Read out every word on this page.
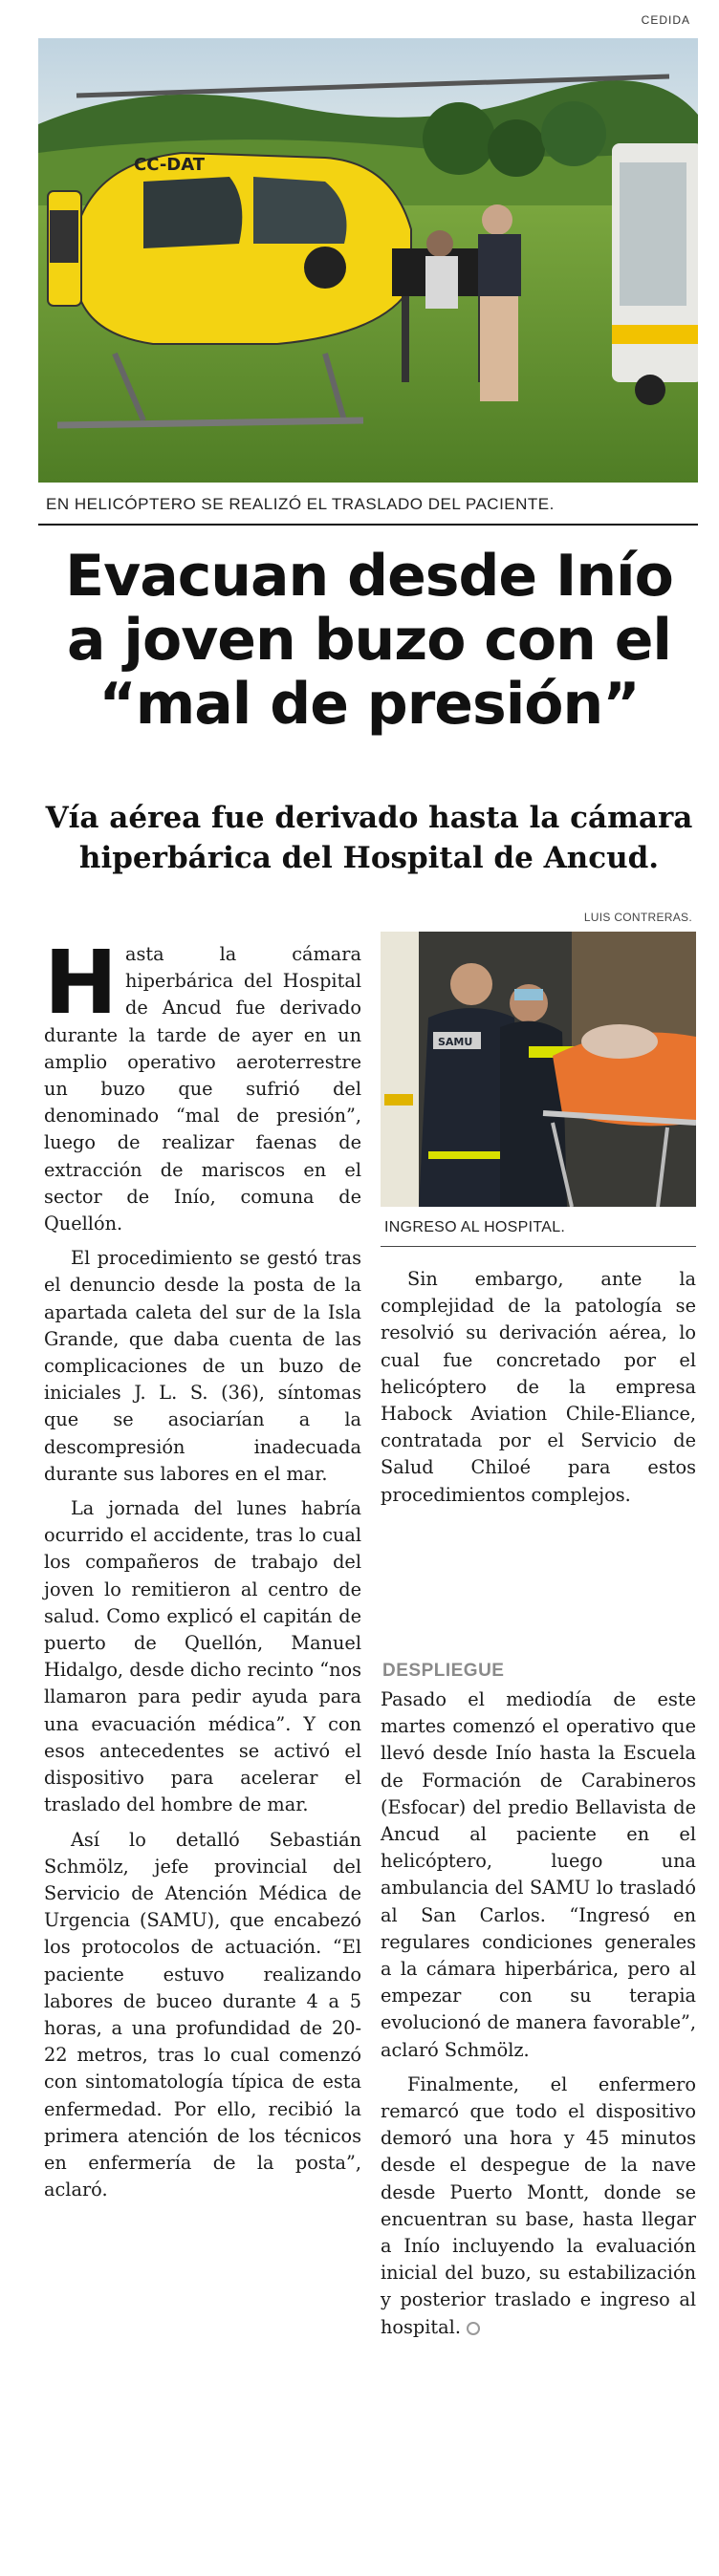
CEDIDA
CC-DAT
EN HELICÓPTERO SE REALIZÓ EL TRASLADO DEL PACIENTE.
Evacuan desde Inío
a joven buzo con el
“mal de presión”
Vía aérea fue derivado hasta la cámara
hiperbárica del Hospital de Ancud.
LUIS CONTRERAS.

Hasta la cámara hiperbárica del Hospital de Ancud fue derivado durante la tarde de ayer en un amplio operativo aeroterrestre un buzo que sufrió del denominado “mal de presión”, luego de realizar faenas de extracción de mariscos en el sector de Inío, comuna de Quellón.

El procedimiento se gestó tras el denuncio desde la posta de la apartada caleta del sur de la Isla Grande, que daba cuenta de las complicaciones de un buzo de iniciales J. L. S. (36), síntomas que se asociarían a la descompresión inadecuada durante sus labores en el mar.

La jornada del lunes habría ocurrido el accidente, tras lo cual los compañeros de trabajo del joven lo remitieron al centro de salud. Como explicó el capitán de puerto de Quellón, Manuel Hidalgo, desde dicho recinto “nos llamaron para pedir ayuda para una evacuación médica”. Y con esos antecedentes se activó el dispositivo para acelerar el traslado del hombre de mar.

Así lo detalló Sebastián Schmölz, jefe provincial del Servicio de Atención Médica de Urgencia (SAMU), que encabezó los protocolos de actuación. “El paciente estuvo realizando labores de buceo durante 4 a 5 horas, a una profundidad de 20-22 metros, tras lo cual comenzó con sintomatología típica de esta enfermedad. Por ello, recibió la primera atención de los técnicos en enfermería de la posta”, aclaró.

SAMU
INGRESO AL HOSPITAL.

Sin embargo, ante la complejidad de la patología se resolvió su derivación aérea, lo cual fue concretado por el helicóptero de la empresa Habock Aviation Chile-Eliance, contratada por el Servicio de Salud Chiloé para estos procedimientos complejos.

DESPLIEGUE

Pasado el mediodía de este martes comenzó el operativo que llevó desde Inío hasta la Escuela de Formación de Carabineros (Esfocar) del predio Bellavista de Ancud al paciente en el helicóptero, luego una ambulancia del SAMU lo trasladó al San Carlos. “Ingresó en regulares condiciones generales a la cámara hiperbárica, pero al empezar con su terapia evolucionó de manera favorable”, aclaró Schmölz.

Finalmente, el enfermero remarcó que todo el dispositivo demoró una hora y 45 minutos desde el despegue de la nave desde Puerto Montt, donde se encuentran su base, hasta llegar a Inío incluyendo la evaluación inicial del buzo, su estabilización y posterior traslado e ingreso al hospital.
